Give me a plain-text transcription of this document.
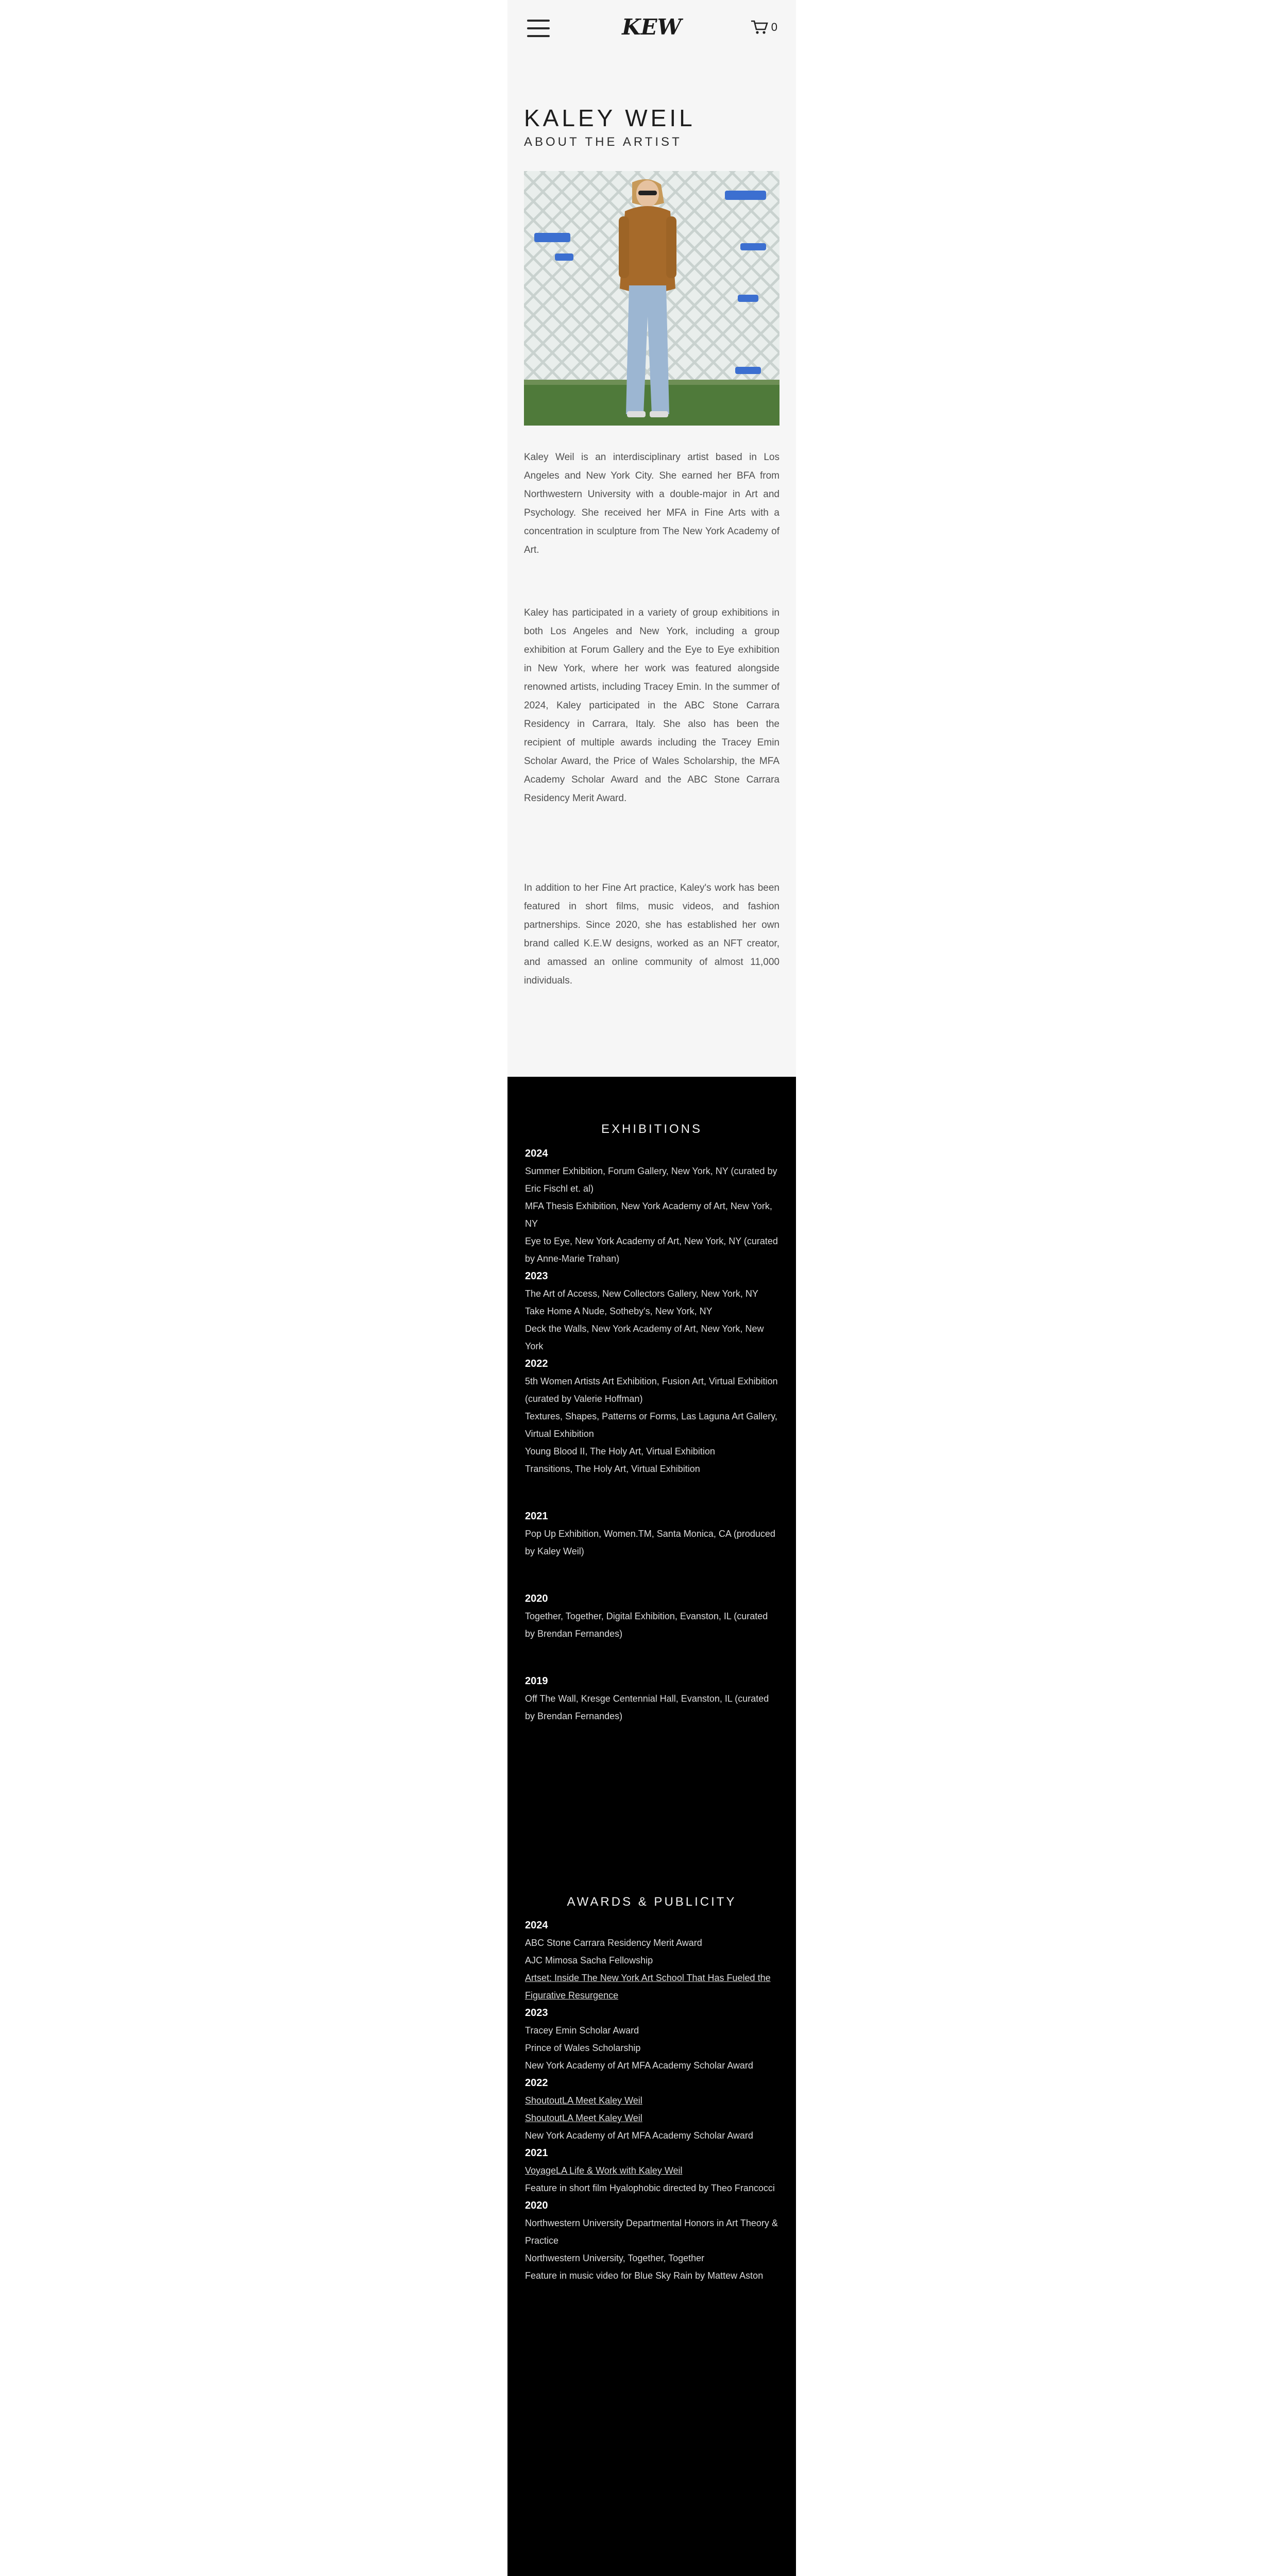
KEW	0
KALEY WEIL
ABOUT THE ARTIST

Kaley Weil is an interdisciplinary artist based in Los Angeles and New York City. She earned her BFA from Northwestern University with a double-major in Art and Psychology. She received her MFA in Fine Arts with a concentration in sculpture from The New York Academy of Art.

Kaley has participated in a variety of group exhibitions in both Los Angeles and New York, including a group exhibition at Forum Gallery and the Eye to Eye exhibition in New York, where her work was featured alongside renowned artists, including Tracey Emin. In the summer of 2024, Kaley participated in the ABC Stone Carrara Residency in Carrara, Italy. She also has been the recipient of multiple awards including the Tracey Emin Scholar Award, the Price of Wales Scholarship, the MFA Academy Scholar Award and the ABC Stone Carrara Residency Merit Award.

In addition to her Fine Art practice, Kaley's work has been featured in short films, music videos, and fashion partnerships. Since 2020, she has established her own brand called K.E.W designs, worked as an NFT creator, and amassed an online community of almost 11,000 individuals.

EXHIBITIONS
2024
Summer Exhibition, Forum Gallery, New York, NY (curated by Eric Fischl et. al)
MFA Thesis Exhibition, New York Academy of Art, New York, NY
Eye to Eye, New York Academy of Art, New York, NY (curated by Anne-Marie Trahan)
2023
The Art of Access, New Collectors Gallery, New York, NY
Take Home A Nude, Sotheby's, New York, NY
Deck the Walls, New York Academy of Art, New York, New York
2022
5th Women Artists Art Exhibition, Fusion Art, Virtual Exhibition (curated by Valerie Hoffman)
Textures, Shapes, Patterns or Forms, Las Laguna Art Gallery, Virtual Exhibition
Young Blood II, The Holy Art, Virtual Exhibition
Transitions, The Holy Art, Virtual Exhibition
2021
Pop Up Exhibition, Women.TM, Santa Monica, CA (produced by Kaley Weil)
2020
Together, Together, Digital Exhibition, Evanston, IL (curated by Brendan Fernandes)
2019
Off The Wall, Kresge Centennial Hall, Evanston, IL (curated by Brendan Fernandes)
AWARDS & PUBLICITY
2024
ABC Stone Carrara Residency Merit Award
AJC Mimosa Sacha Fellowship
Artset: Inside The New York Art School That Has Fueled the Figurative Resurgence
2023
Tracey Emin Scholar Award
Prince of Wales Scholarship
New York Academy of Art MFA Academy Scholar Award
2022
ShoutoutLA Meet Kaley Weil
ShoutoutLA Meet Kaley Weil
New York Academy of Art MFA Academy Scholar Award
2021
VoyageLA Life & Work with Kaley Weil
Feature in short film Hyalophobic directed by Theo Francocci
2020
Northwestern University Departmental Honors in Art Theory & Practice
Northwestern University, Together, Together
Feature in music video for Blue Sky Rain by Mattew Aston
